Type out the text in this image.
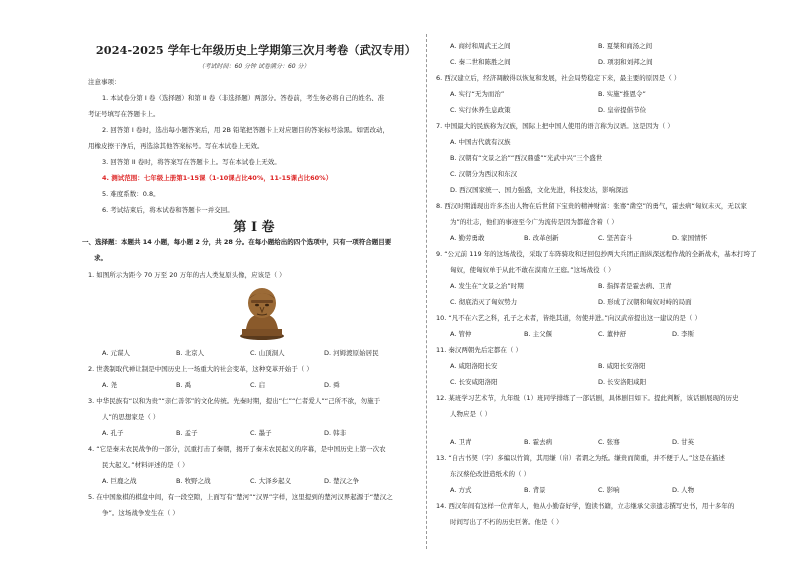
2024-2025 学年七年级历史上学期第三次月考卷（武汉专用）
（考试时间：60 分钟 试卷满分：60 分）
注意事项：
1. 本试卷分第 I 卷（选择题）和第 II 卷（非选择题）两部分。答卷前，考生务必将自己的姓名、准
考证号填写在答题卡上。
2. 回答第 I 卷时，选出每小题答案后，用 2B 铅笔把答题卡上对应题目的答案标号涂黑。如需改动，
用橡皮擦干净后，再选涂其他答案标号。写在本试卷上无效。
3. 回答第 II 卷时，将答案写在答题卡上。写在本试卷上无效。
4. 测试范围：七年级上册第1-15课（1-10课占比40%，11-15课占比60%）
5. 难度系数：0.8。
6. 考试结束后，将本试卷和答题卡一并交回。
第 I 卷
一、选择题：本题共 14 小题，每小题 2 分，共 28 分。在每小题给出的四个选项中，只有一项符合题目要
求。
1. 如图所示为距今 70 万至 20 万年的古人类复原头像，应该是（ ）
A. 元谋人	B. 北京人	C. 山顶洞人	D. 河姆渡原始居民
2. 世袭制取代禅让制是中国历史上一场重大的社会变革，这种变革开始于（ ）
A. 尧	B. 禹	C. 启	D. 舜
3. 中华民族有“以和为贵”“亲仁善邻”的文化传统。先秦时期，提出“仁”“仁者爱人”“己所不欲，勿施于
人”的思想家是（ ）
A. 孔子	B. 孟子	C. 墨子	D. 韩非
4. “它是秦末农民战争的一部分，沉重打击了秦朝，揭开了秦末农民起义的序幕，是中国历史上第一次农
民大起义。”材料评述的是（ ）
A. 巨鹿之战	B. 牧野之战	C. 大泽乡起义	D. 楚汉之争
5. 在中国象棋的棋盘中间，有一段空隙，上面写有“楚河”“汉界”字样，这里提到的楚河汉界起源于“楚汉之
争”。这场战争发生在（ ）
A. 商纣和周武王之间	B. 夏桀和商汤之间
C. 秦二世和陈胜之间	D. 项羽和刘邦之间
6. 西汉建立后，经济凋敝得以恢复和发展，社会局势稳定下来，最主要的原因是（ ）
A. 实行“无为而治”	B. 实施“推恩令”
C. 实行休养生息政策	D. 皇帝提倡节俭
7. 中国最大的民族称为汉族，国际上把中国人使用的语言称为汉语。这是因为（ ）
A. 中国古代就有汉族
B. 汉朝有“文景之治”“西汉鼎盛”“光武中兴”三个盛世
C. 汉朝分为西汉和东汉
D. 西汉国家统一、国力强盛，文化先进，科技发达，影响深远
8. 西汉时期涌现出许多杰出人物在后世留下宝贵的精神财富：张骞“凿空”的勇气，霍去病“匈奴未灭，无以家
为”的壮志，他们的事迹至今广为流传是因为都蕴含着（ ）
A. 勤劳勇敢	B. 改革创新	C. 坚苦奋斗	D. 家国情怀
9. “公元前 119 年的这场战役，采取了车阵骑攻和迂回包抄两大兵团正面纵深远程作战的全新战术，基本打垮了
匈奴，使匈奴单于从此不敢在漠南立王庭。”这场战役（ ）
A. 发生在“文景之治”时期	B. 指挥者是霍去病、卫青
C. 彻底消灭了匈奴势力	D. 形成了汉朝和匈奴对峙的局面
10. “凡不在六艺之科，孔子之术者，皆绝其道，勿使并进。”向汉武帝提出这一建议的是（ ）
A. 管仲	B. 主父偃	C. 董仲舒	D. 李斯
11. 秦汉两朝先后定都在（ ）
A. 咸阳洛阳长安	B. 咸阳长安洛阳
C. 长安咸阳洛阳	D. 长安洛阳咸阳
12. 某班学习艺术节，九年级（1）班同学排练了一部话剧，具体剧目如下。提此判断，该话剧展现的历史
人物应是（ ）
A. 卫青	B. 霍去病	C. 张骞	D. 甘英
13. “自古书契（字）多编以竹简，其用缣（帛）者谓之为纸。缣贵而简重，并不便于人。”这是在描述
东汉蔡伦改进造纸术的（ ）
A. 方式	B. 背景	C. 影响	D. 人物
14. 西汉年间有这样一位青年人，他从小勤奋好学，饱读书籍，立志继承父亲遗志撰写史书，用十多年的
时间写出了不朽的历史巨著。他是（ ）
